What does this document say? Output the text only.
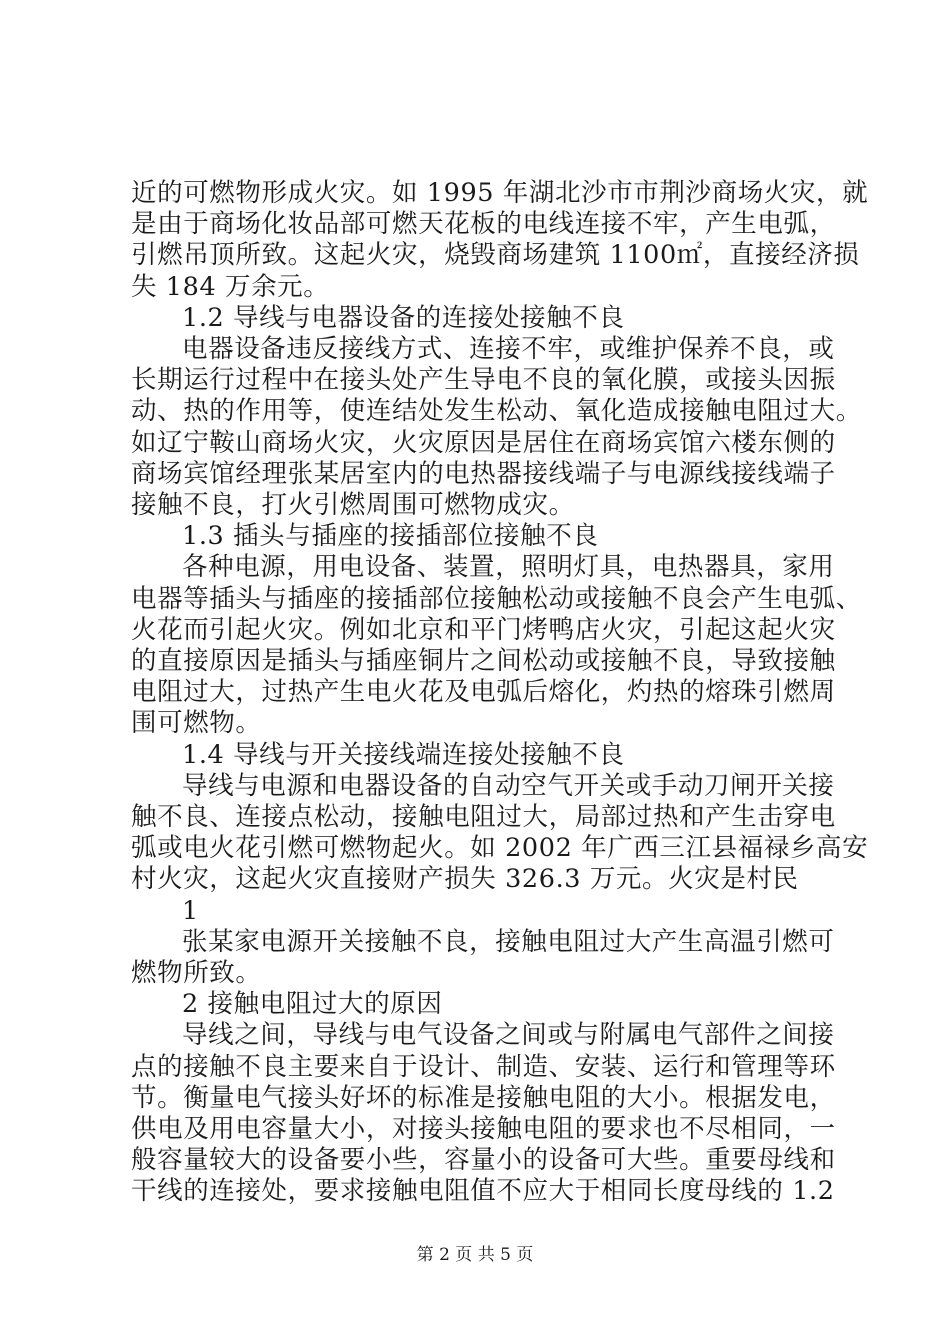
近的可燃物形成火灾。如 1995 年湖北沙市市荆沙商场火灾，就
是由于商场化妆品部可燃天花板的电线连接不牢，产生电弧，
引燃吊顶所致。这起火灾，烧毁商场建筑 1100㎡，直接经济损
失 184 万余元。
1.2 导线与电器设备的连接处接触不良
电器设备违反接线方式、连接不牢，或维护保养不良，或
长期运行过程中在接头处产生导电不良的氧化膜，或接头因振
动、热的作用等，使连结处发生松动、氧化造成接触电阻过大。
如辽宁鞍山商场火灾，火灾原因是居住在商场宾馆六楼东侧的
商场宾馆经理张某居室内的电热器接线端子与电源线接线端子
接触不良，打火引燃周围可燃物成灾。
1.3 插头与插座的接插部位接触不良
各种电源，用电设备、装置，照明灯具，电热器具，家用
电器等插头与插座的接插部位接触松动或接触不良会产生电弧、
火花而引起火灾。例如北京和平门烤鸭店火灾，引起这起火灾
的直接原因是插头与插座铜片之间松动或接触不良，导致接触
电阻过大，过热产生电火花及电弧后熔化，灼热的熔珠引燃周
围可燃物。
1.4 导线与开关接线端连接处接触不良
导线与电源和电器设备的自动空气开关或手动刀闸开关接
触不良、连接点松动，接触电阻过大，局部过热和产生击穿电
弧或电火花引燃可燃物起火。如 2002 年广西三江县福禄乡高安
村火灾，这起火灾直接财产损失 326.3 万元。火灾是村民
1
张某家电源开关接触不良，接触电阻过大产生高温引燃可
燃物所致。
2 接触电阻过大的原因
导线之间，导线与电气设备之间或与附属电气部件之间接
点的接触不良主要来自于设计、制造、安装、运行和管理等环
节。衡量电气接头好坏的标准是接触电阻的大小。根据发电，
供电及用电容量大小，对接头接触电阻的要求也不尽相同，一
般容量较大的设备要小些，容量小的设备可大些。重要母线和
干线的连接处，要求接触电阻值不应大于相同长度母线的 1.2
第 2 页 共 5 页
